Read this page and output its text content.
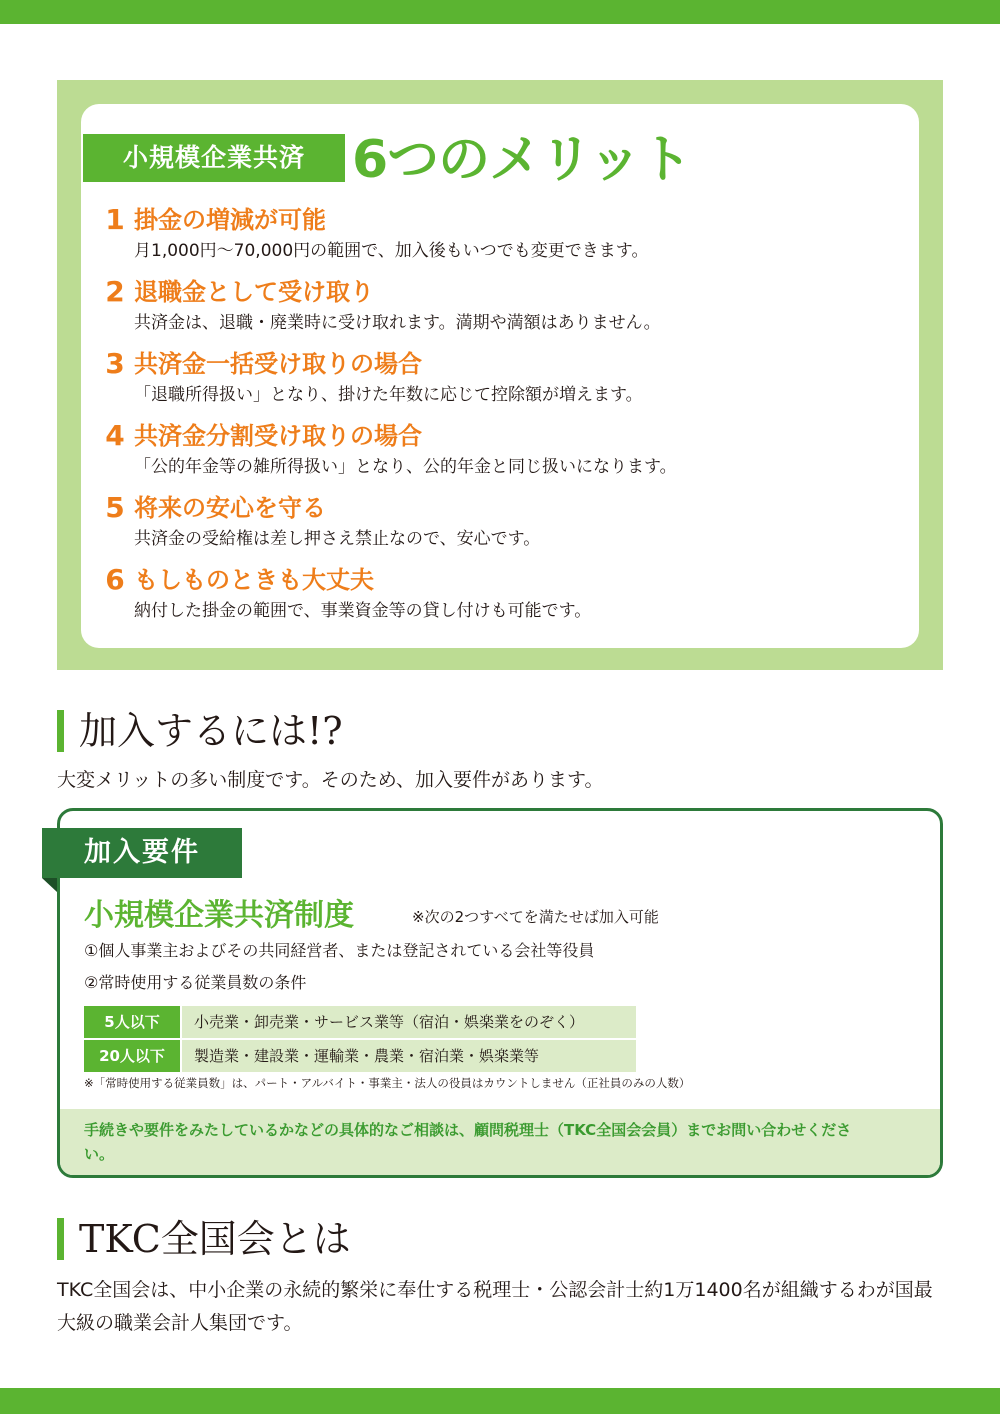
小規模企業共済 6つのメリット
1 掛金の増減が可能
月1,000円〜70,000円の範囲で、加入後もいつでも変更できます。
2 退職金として受け取り
共済金は、退職・廃業時に受け取れます。満期や満額はありません。
3 共済金一括受け取りの場合
「退職所得扱い」となり、掛けた年数に応じて控除額が増えます。
4 共済金分割受け取りの場合
「公的年金等の雑所得扱い」となり、公的年金と同じ扱いになります。
5 将来の安心を守る
共済金の受給権は差し押さえ禁止なので、安心です。
6 もしものときも大丈夫
納付した掛金の範囲で、事業資金等の貸し付けも可能です。
加入するには!?
大変メリットの多い制度です。そのため、加入要件があります。
加入要件
小規模企業共済制度	※次の2つすべてを満たせば加入可能
①個人事業主およびその共同経営者、または登記されている会社等役員
②常時使用する従業員数の条件
5人以下	小売業・卸売業・サービス業等（宿泊・娯楽業をのぞく）
20人以下	製造業・建設業・運輸業・農業・宿泊業・娯楽業等
※「常時使用する従業員数」は、パート・アルバイト・事業主・法人の役員はカウントしません（正社員のみの人数）
手続きや要件をみたしているかなどの具体的なご相談は、顧問税理士（TKC全国会会員）までお問い合わせください。
TKC全国会とは
TKC全国会は、中小企業の永続的繁栄に奉仕する税理士・公認会計士約1万1400名が組織するわが国最大級の職業会計人集団です。
